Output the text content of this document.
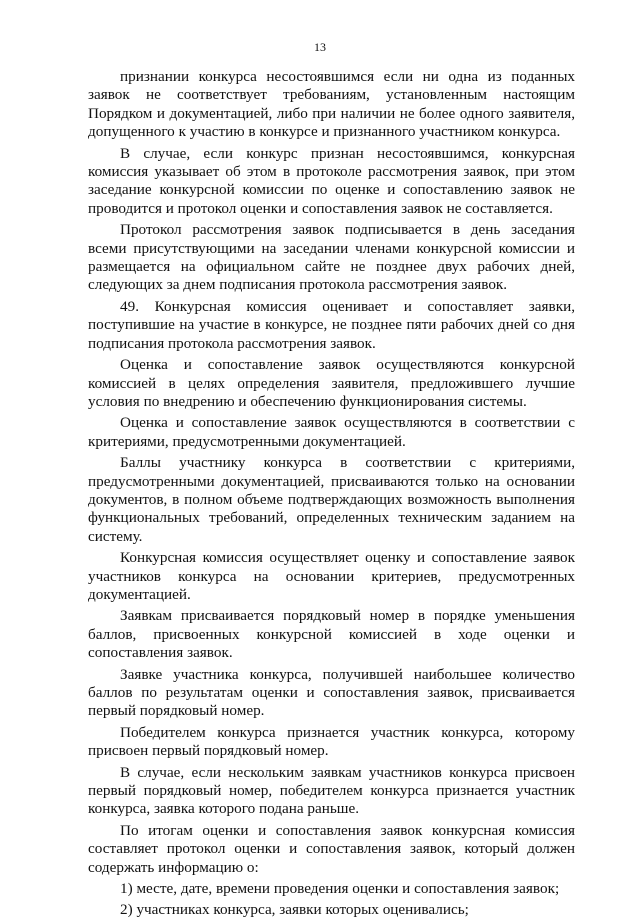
13

признании конкурса несостоявшимся если ни одна из поданных заявок не соответствует требованиям, установленным настоящим Порядком и документацией, либо при наличии не более одного заявителя, допущенного к участию в конкурсе и признанного участником конкурса.

В случае, если конкурс признан несостоявшимся, конкурсная комиссия указывает об этом в протоколе рассмотрения заявок, при этом заседание конкурсной комиссии по оценке и сопоставлению заявок не проводится и протокол оценки и сопоставления заявок не составляется.

Протокол рассмотрения заявок подписывается в день заседания всеми присутствующими на заседании членами конкурсной комиссии и размещается на официальном сайте не позднее двух рабочих дней, следующих за днем подписания протокола рассмотрения заявок.

49. Конкурсная комиссия оценивает и сопоставляет заявки, поступившие на участие в конкурсе, не позднее пяти рабочих дней со дня подписания протокола рассмотрения заявок.

Оценка и сопоставление заявок осуществляются конкурсной комиссией в целях определения заявителя, предложившего лучшие условия по внедрению и обеспечению функционирования системы.

Оценка и сопоставление заявок осуществляются в соответствии с критериями, предусмотренными документацией.

Баллы участнику конкурса в соответствии с критериями, предусмотренными документацией, присваиваются только на основании документов, в полном объеме подтверждающих возможность выполнения функциональных требований, определенных техническим заданием на систему.

Конкурсная комиссия осуществляет оценку и сопоставление заявок участников конкурса на основании критериев, предусмотренных документацией.

Заявкам присваивается порядковый номер в порядке уменьшения баллов, присвоенных конкурсной комиссией в ходе оценки и сопоставления заявок.

Заявке участника конкурса, получившей наибольшее количество баллов по результатам оценки и сопоставления заявок, присваивается первый порядковый номер.

Победителем конкурса признается участник конкурса, которому присвоен первый порядковый номер.

В случае, если нескольким заявкам участников конкурса присвоен первый порядковый номер, победителем конкурса признается участник конкурса, заявка которого подана раньше.

По итогам оценки и сопоставления заявок конкурсная комиссия составляет протокол оценки и сопоставления заявок, который должен содержать информацию о:

1) месте, дате, времени проведения оценки и сопоставления заявок;

2) участниках конкурса, заявки которых оценивались;
